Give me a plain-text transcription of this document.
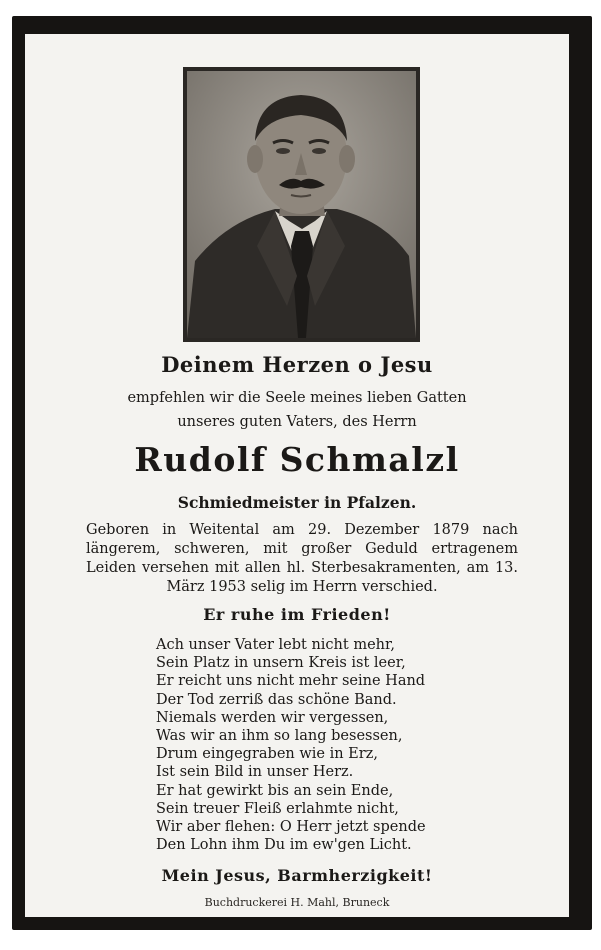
Deinem Herzen o Jesu
empfehlen wir die Seele meines lieben Gatten
unseres guten Vaters, des Herrn
Rudolf Schmalzl
Schmiedmeister in Pfalzen.
Geboren in Weitental am 29. Dezember 1879 nach längerem, schweren, mit großer Geduld ertragenem Leiden versehen mit allen hl. Sterbesakramenten, am 13. März 1953 selig im Herrn verschied.
Er ruhe im Frieden!
Ach unser Vater lebt nicht mehr,
Sein Platz in unsern Kreis ist leer,
Er reicht uns nicht mehr seine Hand
Der Tod zerriß das schöne Band.
Niemals werden wir vergessen,
Was wir an ihm so lang besessen,
Drum eingegraben wie in Erz,
Ist sein Bild in unser Herz.
Er hat gewirkt bis an sein Ende,
Sein treuer Fleiß erlahmte nicht,
Wir aber flehen: O Herr jetzt spende
Den Lohn ihm Du im ew'gen Licht.
Mein Jesus, Barmherzigkeit!
Buchdruckerei H. Mahl, Bruneck
